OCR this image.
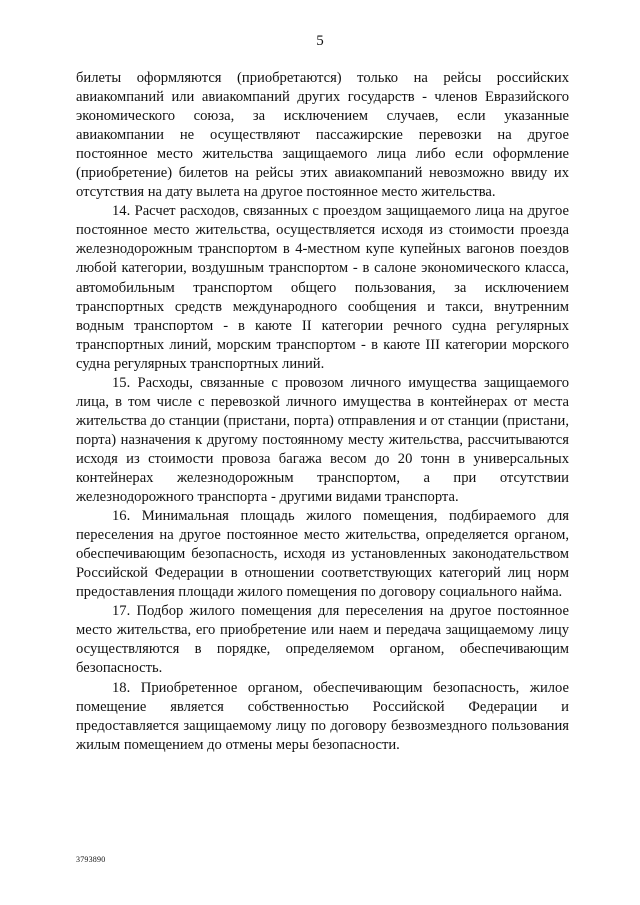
5

билеты оформляются (приобретаются) только на рейсы российских авиакомпаний или авиакомпаний других государств - членов Евразийского экономического союза, за исключением случаев, если указанные авиакомпании не осуществляют пассажирские перевозки на другое постоянное место жительства защищаемого лица либо если оформление (приобретение) билетов на рейсы этих авиакомпаний невозможно ввиду их отсутствия на дату вылета на другое постоянное место жительства.

14. Расчет расходов, связанных с проездом защищаемого лица на другое постоянное место жительства, осуществляется исходя из стоимости проезда железнодорожным транспортом в 4-местном купе купейных вагонов поездов любой категории, воздушным транспортом - в салоне экономического класса, автомобильным транспортом общего пользования, за исключением транспортных средств международного сообщения и такси, внутренним водным транспортом - в каюте II категории речного судна регулярных транспортных линий, морским транспортом - в каюте III категории морского судна регулярных транспортных линий.

15. Расходы, связанные с провозом личного имущества защищаемого лица, в том числе с перевозкой личного имущества в контейнерах от места жительства до станции (пристани, порта) отправления и от станции (пристани, порта) назначения к другому постоянному месту жительства, рассчитываются исходя из стоимости провоза багажа весом до 20 тонн в универсальных контейнерах железнодорожным транспортом, а при отсутствии железнодорожного транспорта - другими видами транспорта.

16. Минимальная площадь жилого помещения, подбираемого для переселения на другое постоянное место жительства, определяется органом, обеспечивающим безопасность, исходя из установленных законодательством Российской Федерации в отношении соответствующих категорий лиц норм предоставления площади жилого помещения по договору социального найма.

17. Подбор жилого помещения для переселения на другое постоянное место жительства, его приобретение или наем и передача защищаемому лицу осуществляются в порядке, определяемом органом, обеспечивающим безопасность.

18. Приобретенное органом, обеспечивающим безопасность, жилое помещение является собственностью Российской Федерации и предоставляется защищаемому лицу по договору безвозмездного пользования жилым помещением до отмены меры безопасности.

3793890
